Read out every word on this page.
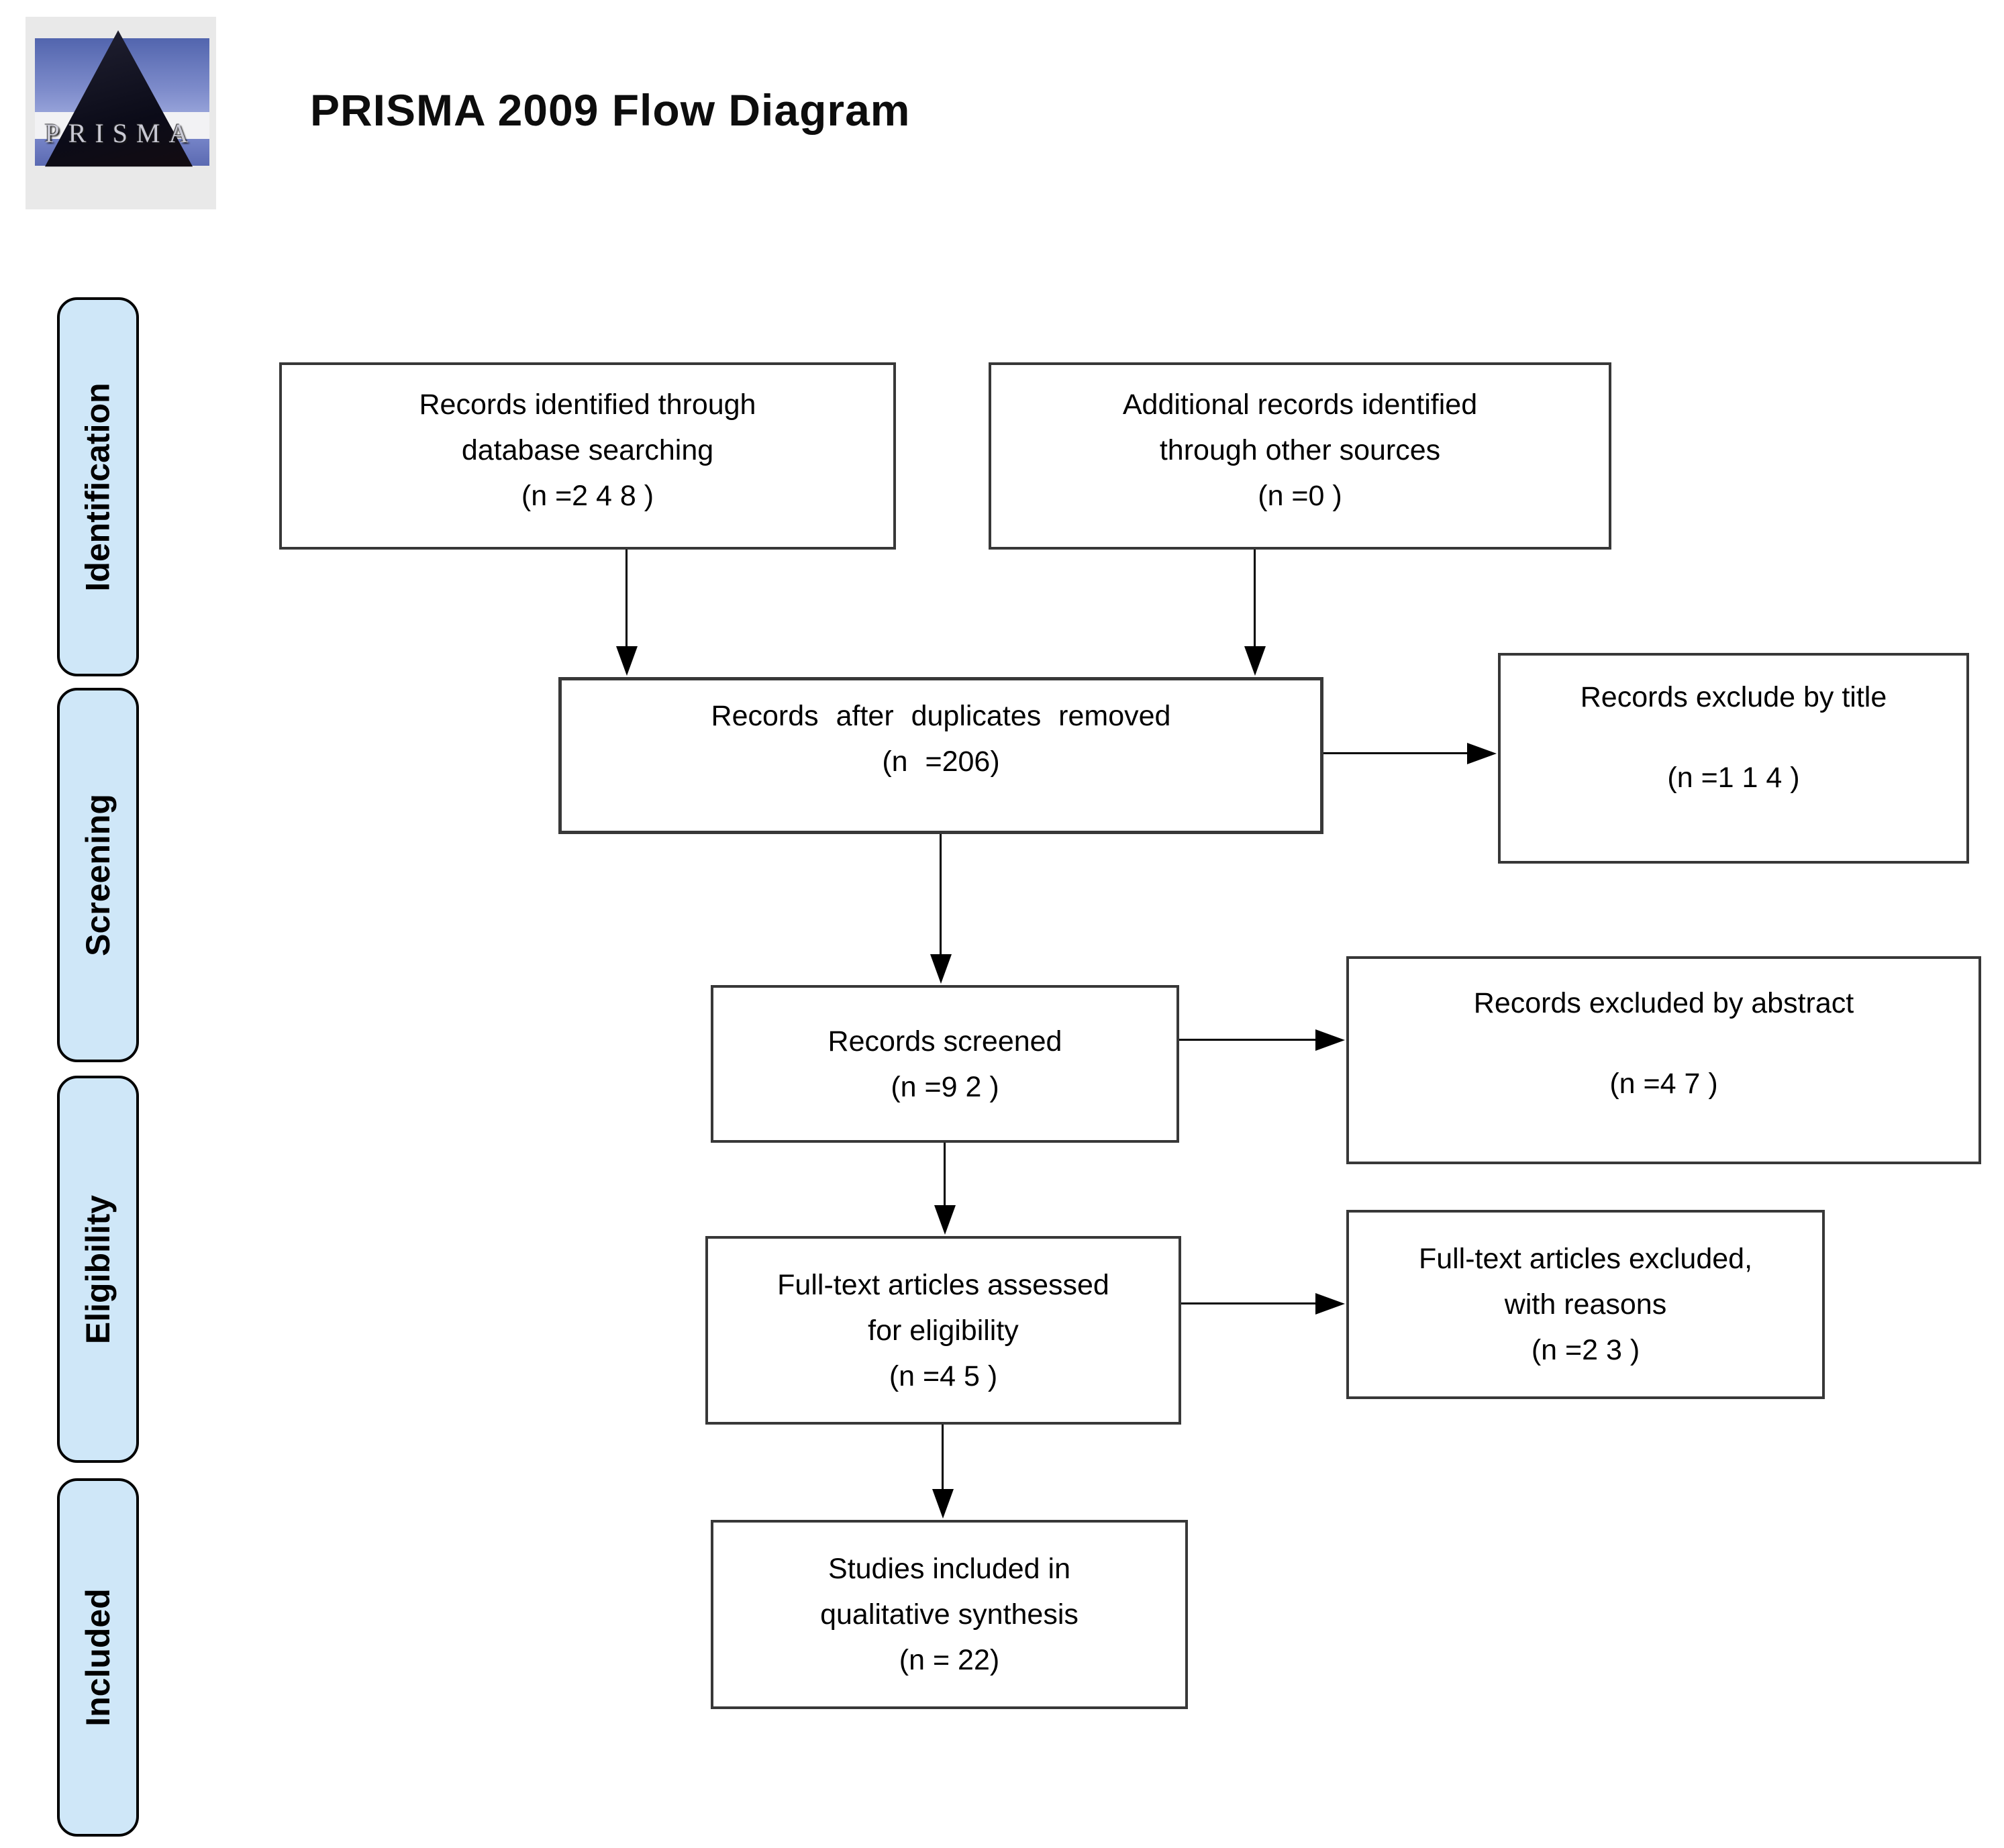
PRISMA	PRISMA 2009 Flow Diagram
Identification
Screening
Eligibility
Included
Records identified through
database searching
(n =2 4 8 )
Additional records identified
through other sources
(n =0 )
Records after duplicates removed
(n =206)
Records exclude by title
(n =1 1 4 )
Records screened
(n =9 2 )
Records excluded by abstract
(n =4 7 )
Full-text articles assessed
for eligibility
(n =4 5 )
Full-text articles excluded,
with reasons
(n =2 3 )
Studies included in
qualitative synthesis
(n = 22)
